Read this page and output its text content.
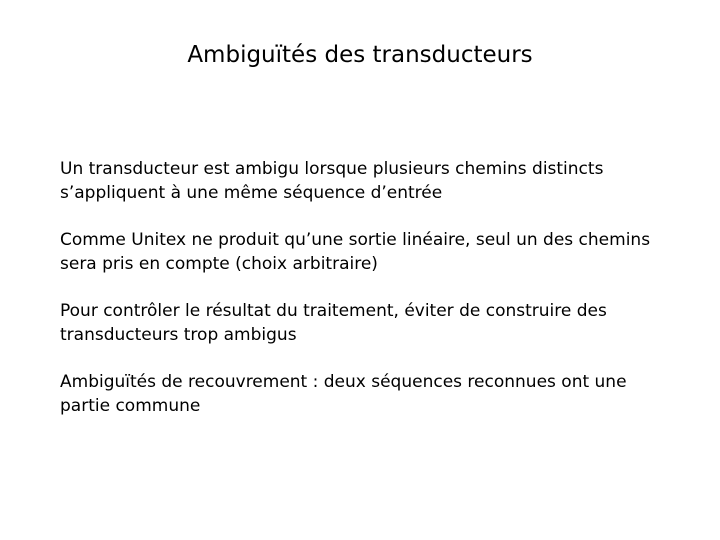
Ambiguïtés des transducteurs
Un transducteur est ambigu lorsque plusieurs chemins distincts s’appliquent à une même séquence d’entrée
Comme Unitex ne produit qu’une sortie linéaire, seul un des chemins sera pris en compte (choix arbitraire)
Pour contrôler le résultat du traitement, éviter de construire des transducteurs trop ambigus
Ambiguïtés de recouvrement : deux séquences reconnues ont une partie commune
